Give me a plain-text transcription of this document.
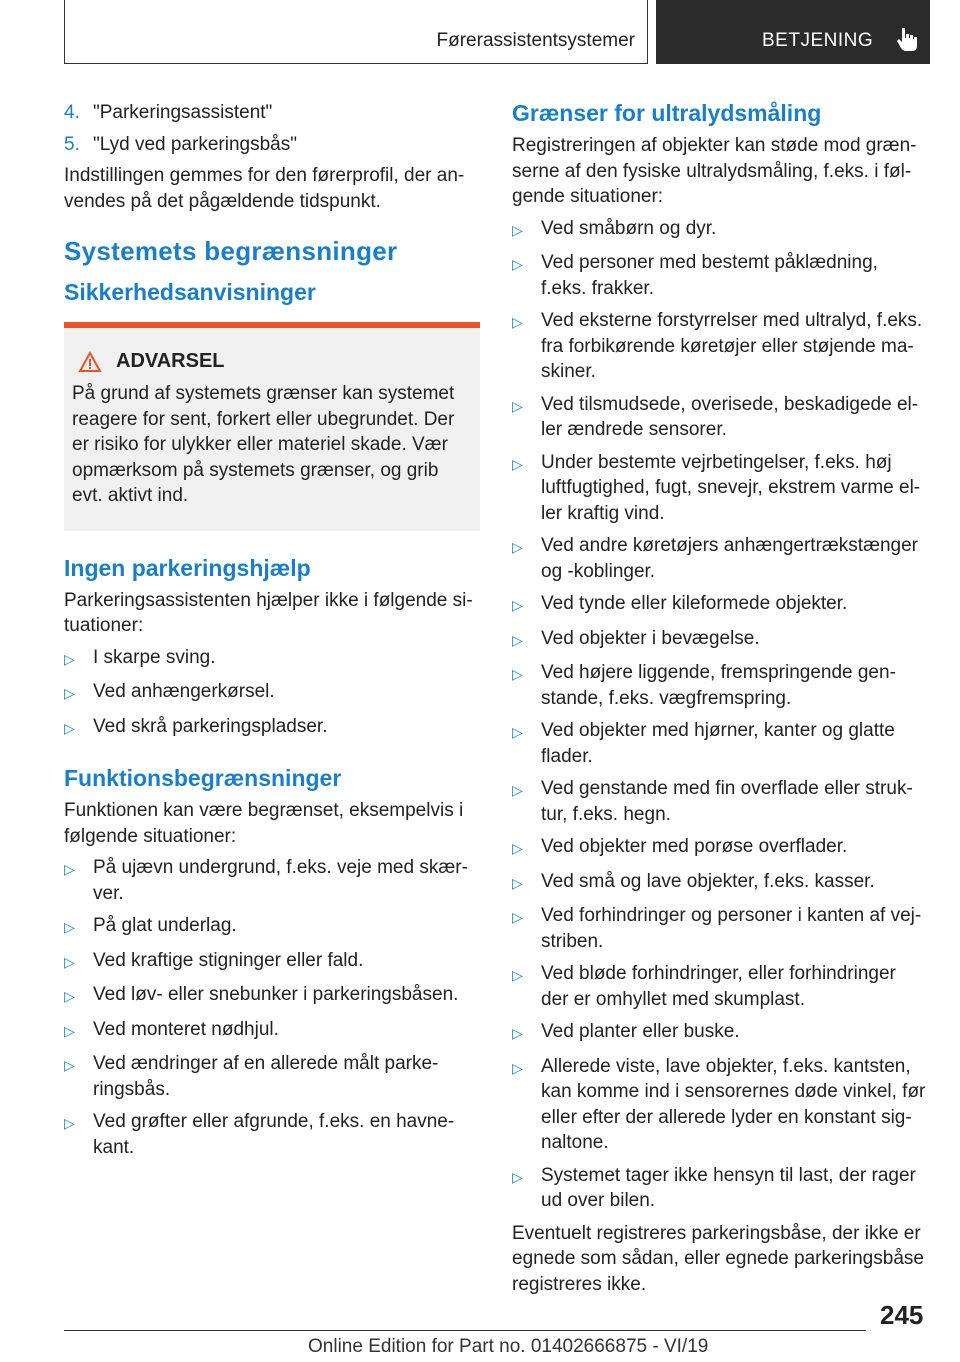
Førerassistentsystemer	BETJENING
4. "Parkeringsassistent"
5. "Lyd ved parkeringsbås"

Indstillingen gemmes for den førerprofil, der anvendes på det pågældende tidspunkt.

Systemets begrænsninger
Sikkerhedsanvisninger
ADVARSEL

På grund af systemets grænser kan systemet reagere for sent, forkert eller ubegrundet. Der er risiko for ulykker eller materiel skade. Vær opmærksom på systemets grænser, og grib evt. aktivt ind.

Ingen parkeringshjælp

Parkeringsassistenten hjælper ikke i følgende situationer:

▷ I skarpe sving.
▷ Ved anhængerkørsel.
▷ Ved skrå parkeringspladser.
Funktionsbegrænsninger

Funktionen kan være begrænset, eksempelvis i følgende situationer:

▷ På ujævn undergrund, f.eks. veje med skærver.
▷ På glat underlag.
▷ Ved kraftige stigninger eller fald.
▷ Ved løv- eller snebunker i parkeringsbåsen.
▷ Ved monteret nødhjul.
▷ Ved ændringer af en allerede målt parkeringsbås.
▷ Ved grøfter eller afgrunde, f.eks. en havnekant.
Grænser for ultralydsmåling

Registreringen af objekter kan støde mod grænserne af den fysiske ultralydsmåling, f.eks. i følgende situationer:

▷ Ved småbørn og dyr.
▷ Ved personer med bestemt påklædning, f.eks. frakker.
▷ Ved eksterne forstyrrelser med ultralyd, f.eks. fra forbikørende køretøjer eller støjende maskiner.
▷ Ved tilsmudsede, overisede, beskadigede eller ændrede sensorer.
▷ Under bestemte vejrbetingelser, f.eks. høj luftfugtighed, fugt, snevejr, ekstrem varme eller kraftig vind.
▷ Ved andre køretøjers anhængertrækstænger og -koblinger.
▷ Ved tynde eller kileformede objekter.
▷ Ved objekter i bevægelse.
▷ Ved højere liggende, fremspringende genstande, f.eks. vægfremspring.
▷ Ved objekter med hjørner, kanter og glatte flader.
▷ Ved genstande med fin overflade eller struktur, f.eks. hegn.
▷ Ved objekter med porøse overflader.
▷ Ved små og lave objekter, f.eks. kasser.
▷ Ved forhindringer og personer i kanten af vejstriben.
▷ Ved bløde forhindringer, eller forhindringer der er omhyllet med skumplast.
▷ Ved planter eller buske.
▷ Allerede viste, lave objekter, f.eks. kantsten, kan komme ind i sensorernes døde vinkel, før eller efter der allerede lyder en konstant signaltone.
▷ Systemet tager ikke hensyn til last, der rager ud over bilen.

Eventuelt registreres parkeringsbåse, der ikke er egnede som sådan, eller egnede parkeringsbåse registreres ikke.

245
Online Edition for Part no. 01402666875 - VI/19
